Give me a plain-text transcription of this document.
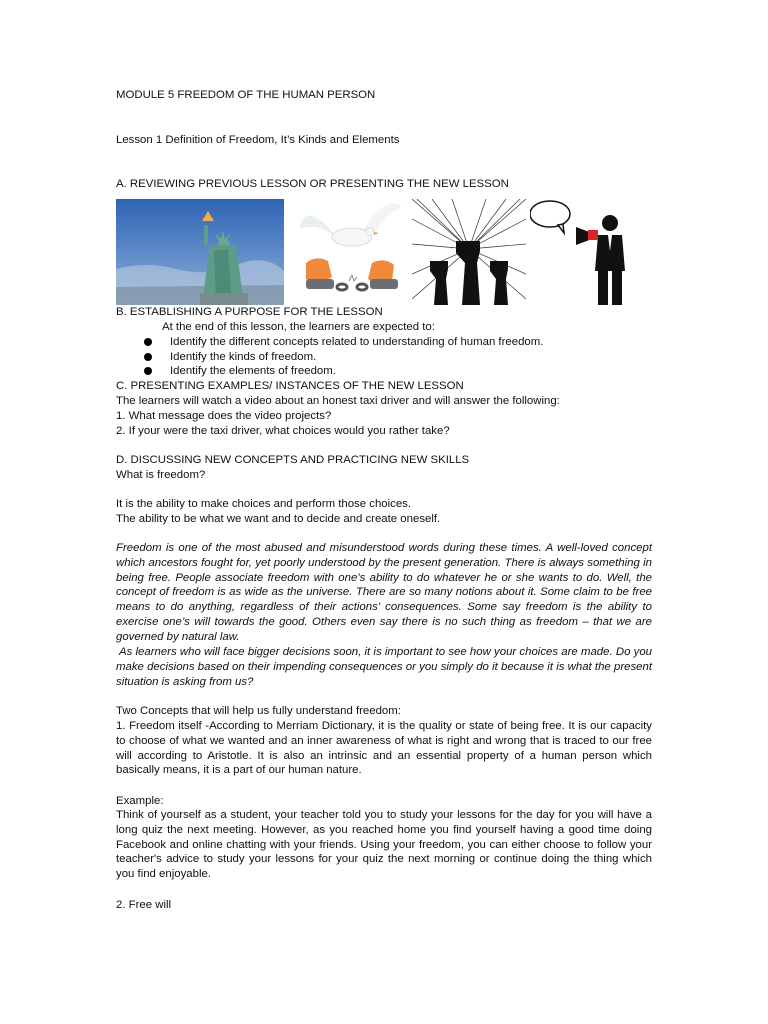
MODULE 5 FREEDOM OF THE HUMAN PERSON
Lesson 1 Definition of Freedom, It’s Kinds and Elements
A. REVIEWING PREVIOUS LESSON OR PRESENTING THE NEW LESSON
B. ESTABLISHING A PURPOSE FOR THE LESSON
At the end of this lesson, the learners are expected to:
Identify the different concepts related to understanding of human freedom.
Identify the kinds of freedom.
Identify the elements of freedom.
C. PRESENTING EXAMPLES/ INSTANCES OF THE NEW LESSON
The learners will watch a video about an honest taxi driver and will answer the following:
1. What message does the video projects?
2. If your were the taxi driver, what choices would you rather take?
D. DISCUSSING NEW CONCEPTS AND PRACTICING NEW SKILLS
What is freedom?
It is the ability to make choices and perform those choices.
The ability to be what we want and to decide and create oneself.
Freedom is one of the most abused and misunderstood words during these times. A well-loved concept which ancestors fought for, yet poorly understood by the present generation. There is always something in being free. People associate freedom with one’s ability to do whatever he or she wants to do. Well, the concept of freedom is as wide as the universe. There are so many notions about it. Some claim to be free means to do anything, regardless of their actions’ consequences. Some say freedom is the ability to exercise one’s will towards the good. Others even say there is no such thing as freedom – that we are governed by natural law.
As learners who will face bigger decisions soon, it is important to see how your choices are made. Do you make decisions based on their impending consequences or you simply do it because it is what the present situation is asking from us?
Two Concepts that will help us fully understand freedom:
1. Freedom itself -According to Merriam Dictionary, it is the quality or state of being free. It is our capacity to choose of what we wanted and an inner awareness of what is right and wrong that is traced to our free will according to Aristotle. It is also an intrinsic and an essential property of a human person which basically means, it is a part of our human nature.
Example:
Think of yourself as a student, your teacher told you to study your lessons for the day for you will have a long quiz the next meeting. However, as you reached home you find yourself having a good time doing Facebook and online chatting with your friends. Using your freedom, you can either choose to follow your teacher's advice to study your lessons for your quiz the next morning or continue doing the thing which you find enjoyable.
2. Free will
